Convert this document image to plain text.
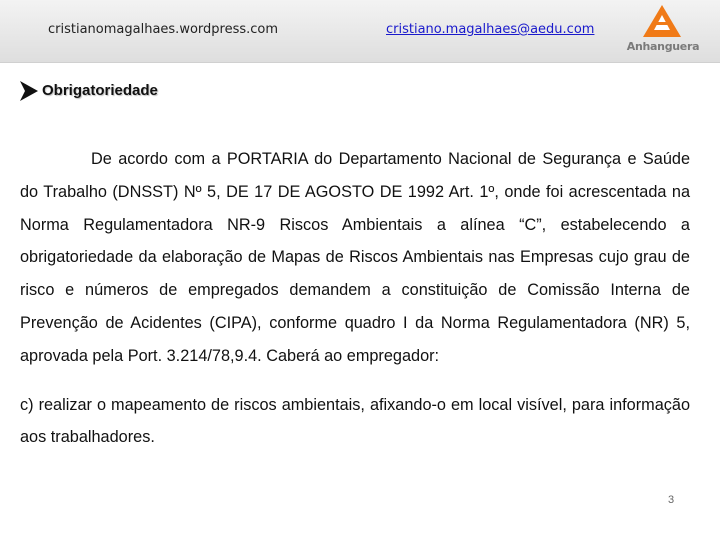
cristianomagalhaes.wordpress.com	cristiano.magalhaes@aedu.com
Anhanguera
Obrigatoriedade

De acordo com a PORTARIA do Departamento Nacional de Segurança e Saúde do Trabalho (DNSST) Nº 5, DE 17 DE AGOSTO DE 1992 Art. 1º, onde foi acrescentada na Norma Regulamentadora NR-9 Riscos Ambientais a alínea “C”, estabelecendo a obrigatoriedade da elaboração de Mapas de Riscos Ambientais nas Empresas cujo grau de risco e números de empregados demandem a constituição de Comissão Interna de Prevenção de Acidentes (CIPA), conforme quadro I da Norma Regulamentadora (NR) 5, aprovada pela Port. 3.214/78,9.4. Caberá ao empregador:

c) realizar o mapeamento de riscos ambientais, afixando-o em local visível, para informação aos trabalhadores.

3
